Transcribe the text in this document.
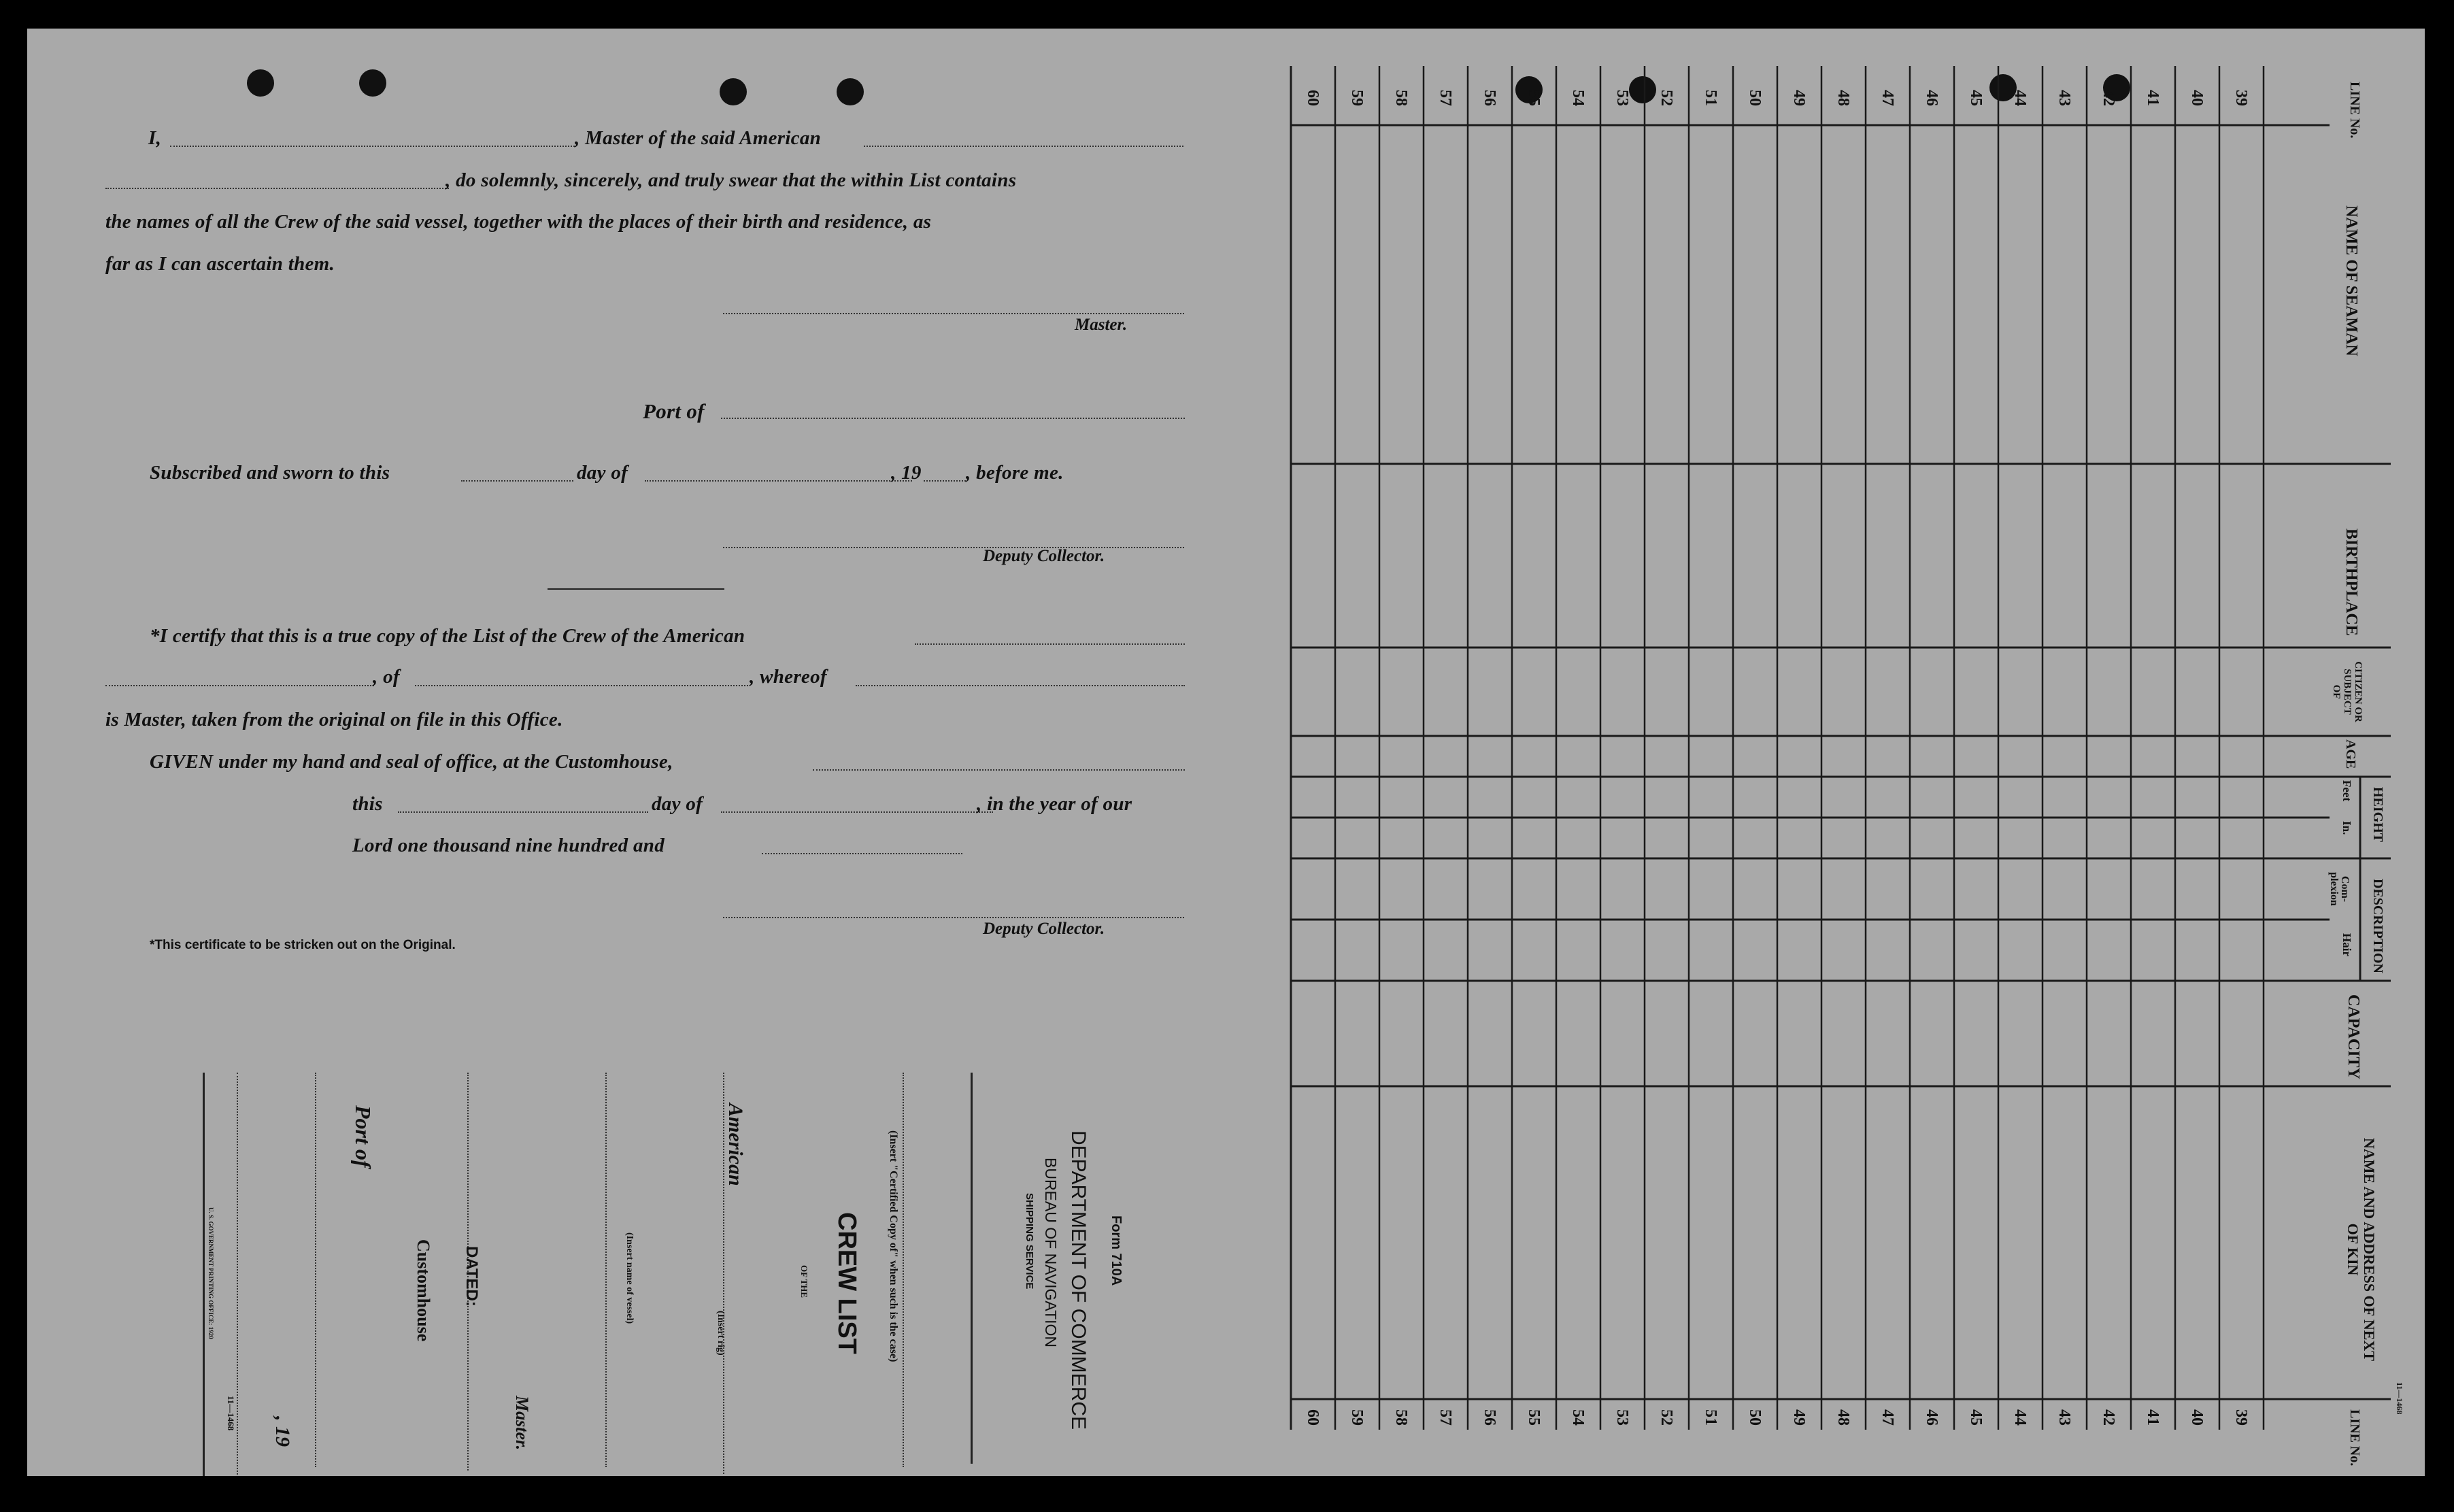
I,	, Master of the said American
, do solemnly, sincerely, and truly swear that the within List contains
the names of all the Crew of the said vessel, together with the places of their birth and residence, as
far as I can ascertain them.
Master.
Port of
Subscribed and sworn to this	day of	, 19 , before me.
Deputy Collector.
*I certify that this is a true copy of the List of the Crew of the American
, of	, whereof
is Master, taken from the original on file in this Office.
GIVEN under my hand and seal of office, at the Customhouse,
this	day of	, in the year of our
Lord one thousand nine hundred and
Deputy Collector.
*This certificate to be stricken out on the Original.
Form 710A
DEPARTMENT OF COMMERCE
BUREAU OF NAVIGATION
SHIPPING SERVICE
(Insert "Certified Copy of" when such is the case)
CREW LIST
OF THE
American
(Insert rig)
(Insert name of vessel)
Master.
DATED:
Customhouse
Port of
, 19
11—1468
U. S. GOVERNMENT PRINTING OFFICE: 1920
LINE No.
NAME OF SEAMAN
BIRTHPLACE
CITIZEN OR SUBJECT OF
AGE
HEIGHT
Feet
In.
DESCRIPTION
Com- plexion
Hair
CAPACITY
NAME AND ADDRESS OF NEXT OF KIN
LINE No.
11—1468
60 59 58 57 56 55 54 53 52 51 50 49 48 47 46 45 44 43 42 41 40 39
60 59 58 57 56 55 54 53 52 51 50 49 48 47 46 45 44 43 42 41 40 39
